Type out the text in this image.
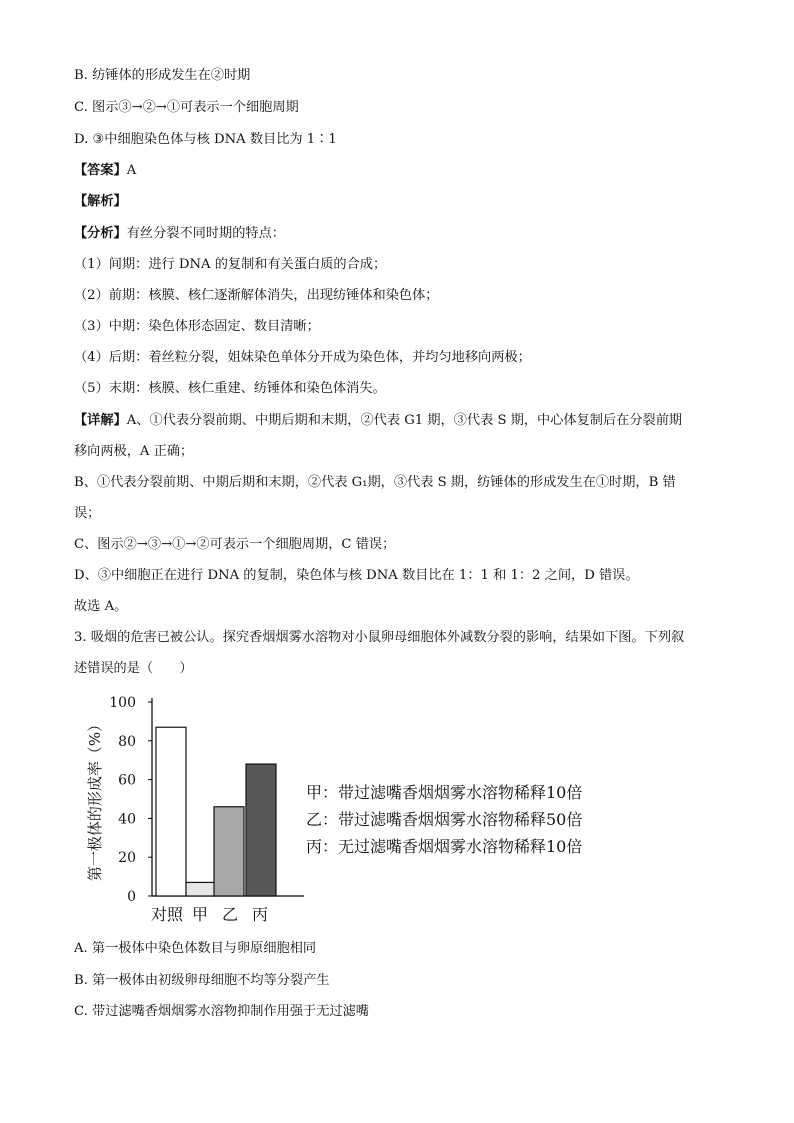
B. 纺锤体的形成发生在②时期
C. 图示③→②→①可表示一个细胞周期
D. ③中细胞染色体与核 DNA 数目比为 1∶1
【答案】A
【解析】
【分析】有丝分裂不同时期的特点：
（1）间期：进行 DNA 的复制和有关蛋白质的合成；
（2）前期：核膜、核仁逐渐解体消失，出现纺锤体和染色体；
（3）中期：染色体形态固定、数目清晰；
（4）后期：着丝粒分裂，姐妹染色单体分开成为染色体，并均匀地移向两极；
（5）末期：核膜、核仁重建、纺锤体和染色体消失。
【详解】A、①代表分裂前期、中期后期和末期，②代表 G1 期，③代表 S 期，中心体复制后在分裂前期
移向两极，A 正确；
B、①代表分裂前期、中期后期和末期，②代表 G₁期，③代表 S 期，纺锤体的形成发生在①时期，B 错
误；
C、图示②→③→①→②可表示一个细胞周期，C 错误；
D、③中细胞正在进行 DNA 的复制，染色体与核 DNA 数目比在 1：1 和 1：2 之间，D 错误。
故选 A。
3. 吸烟的危害已被公认。探究香烟烟雾水溶物对小鼠卵母细胞体外减数分裂的影响，结果如下图。下列叙
述错误的是（　　）
0
20
40
60
80
100
第一极体的形成率（%）
对照 甲 乙 丙
甲：带过滤嘴香烟烟雾水溶物稀释10倍
乙：带过滤嘴香烟烟雾水溶物稀释50倍
丙：无过滤嘴香烟烟雾水溶物稀释10倍
A. 第一极体中染色体数目与卵原细胞相同
B. 第一极体由初级卵母细胞不均等分裂产生
C. 带过滤嘴香烟烟雾水溶物抑制作用强于无过滤嘴
